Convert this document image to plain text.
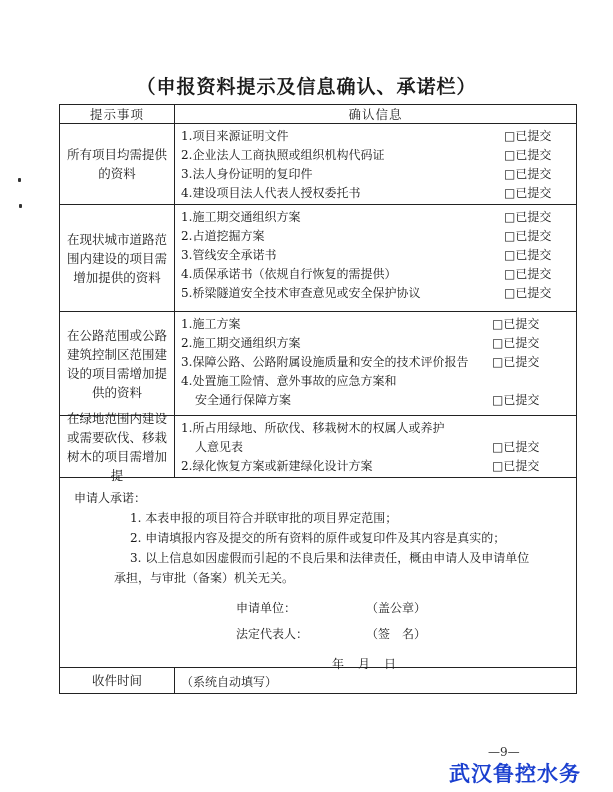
（申报资料提示及信息确认、承诺栏）
提示事项	确认信息
所有项目均需提供的资料
1.项目来源证明文件	□已提交
2.企业法人工商执照或组织机构代码证	□已提交
3.法人身份证明的复印件	□已提交
4.建设项目法人代表人授权委托书	□已提交
在现状城市道路范围内建设的项目需增加提供的资料
1.施工期交通组织方案	□已提交
2.占道挖掘方案	□已提交
3.管线安全承诺书	□已提交
4.质保承诺书（依规自行恢复的需提供）	□已提交
5.桥梁隧道安全技术审查意见或安全保护协议	□已提交
在公路范围或公路建筑控制区范围建设的项目需增加提供的资料
1.施工方案	□已提交
2.施工期交通组织方案	□已提交
3.保障公路、公路附属设施质量和安全的技术评价报告	□已提交
4.处置施工险情、意外事故的应急方案和
安全通行保障方案	□已提交
在绿地范围内建设或需要砍伐、移栽树木的项目需增加提
1.所占用绿地、所砍伐、移栽树木的权属人或养护
人意见表	□已提交
2.绿化恢复方案或新建绿化设计方案	□已提交
申请人承诺：
1. 本表申报的项目符合并联审批的项目界定范围；
2. 申请填报内容及提交的所有资料的原件或复印件及其内容是真实的；
3. 以上信息如因虚假而引起的不良后果和法律责任，概由申请人及申请单位
承担，与审批（备案）机关无关。
申请单位：	（盖公章）
法定代表人：	（签　名）
年月日
收件时间	（系统自动填写）
—9—
武汉鲁控水务
